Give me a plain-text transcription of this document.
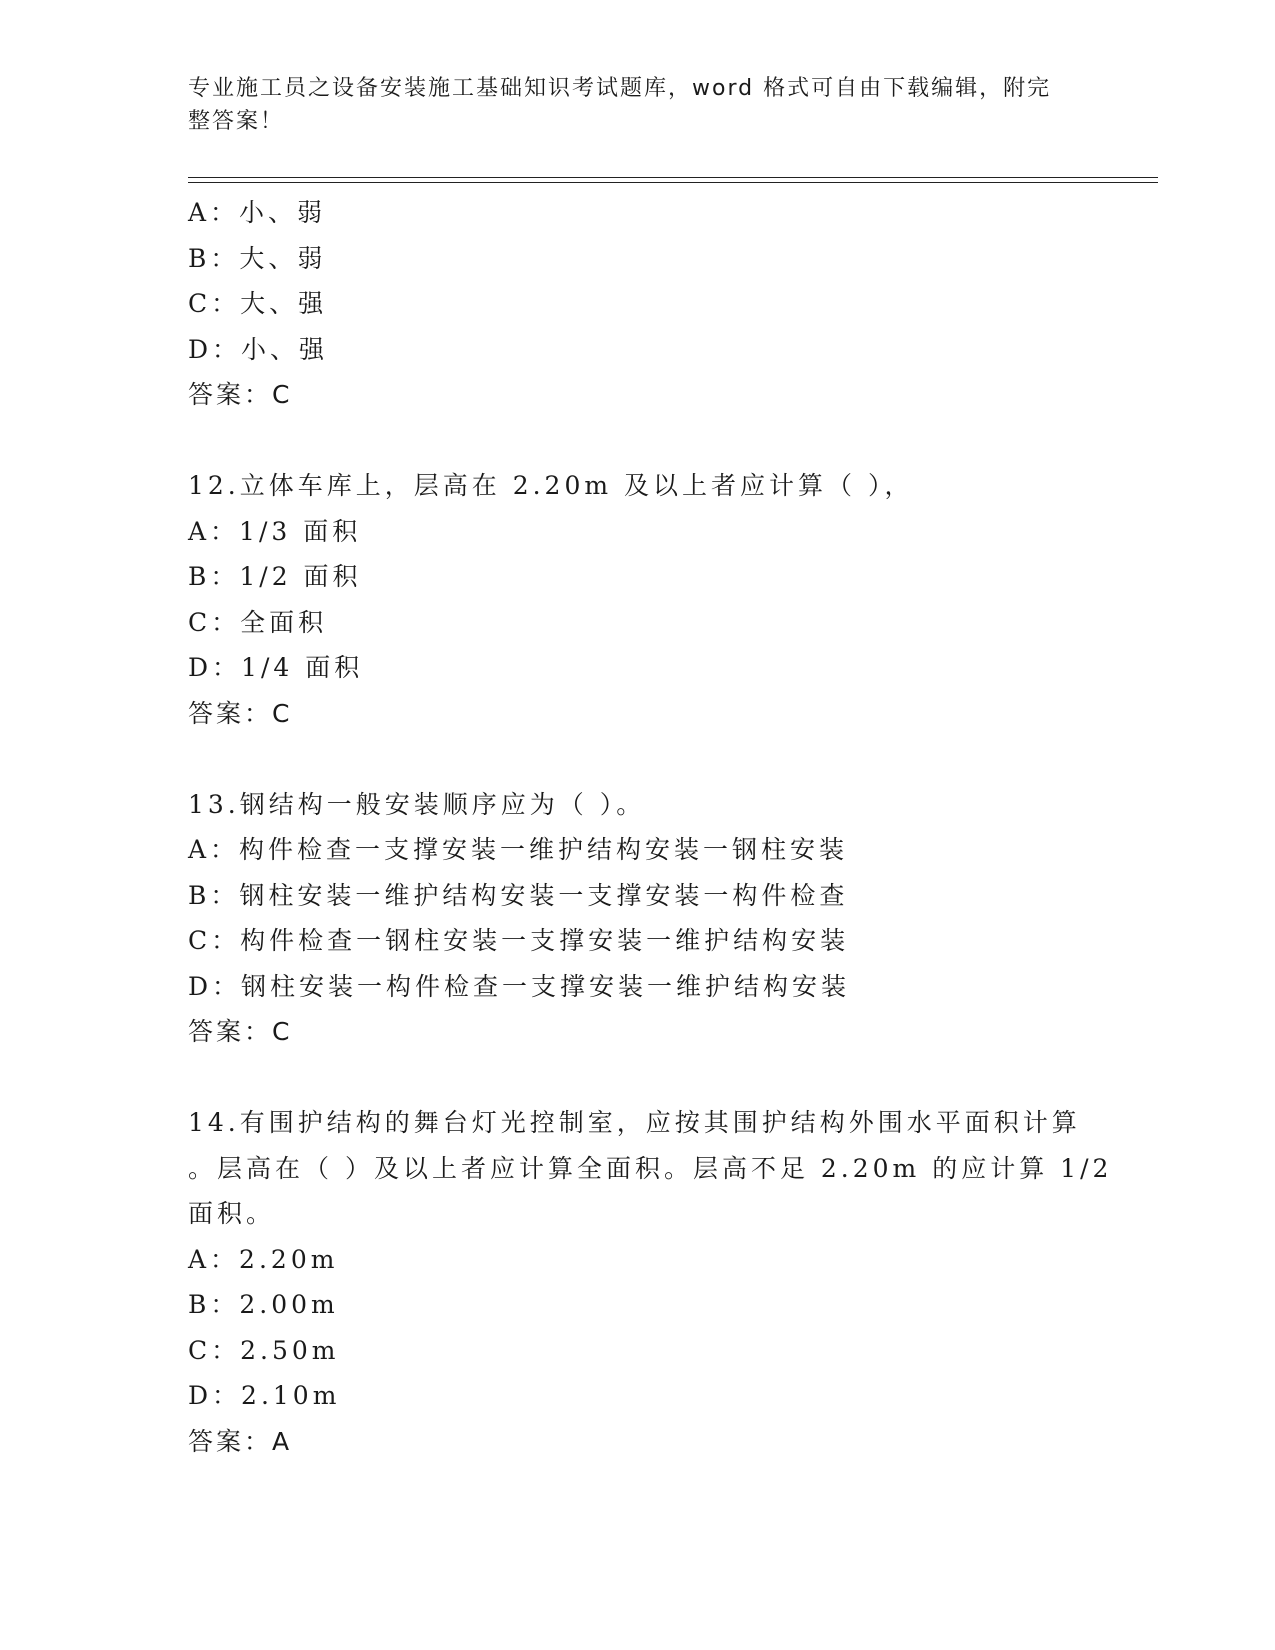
专业施工员之设备安装施工基础知识考试题库，word 格式可自由下载编辑，附完
整答案！
A：小、弱
B：大、弱
C：大、强
D：小、强
答案：C
12.立体车库上，层高在 2.20m 及以上者应计算（ ），
A：1/3 面积
B：1/2 面积
C：全面积
D：1/4 面积
答案：C
13.钢结构一般安装顺序应为（ ）。
A：构件检查一支撑安装一维护结构安装一钢柱安装
B：钢柱安装一维护结构安装一支撑安装一构件检查
C：构件检查一钢柱安装一支撑安装一维护结构安装
D：钢柱安装一构件检查一支撑安装一维护结构安装
答案：C
14.有围护结构的舞台灯光控制室，应按其围护结构外围水平面积计算
。层高在（ ）及以上者应计算全面积。层高不足 2.20m 的应计算 1/2
面积。
A：2.20m
B：2.00m
C：2.50m
D：2.10m
答案：A
